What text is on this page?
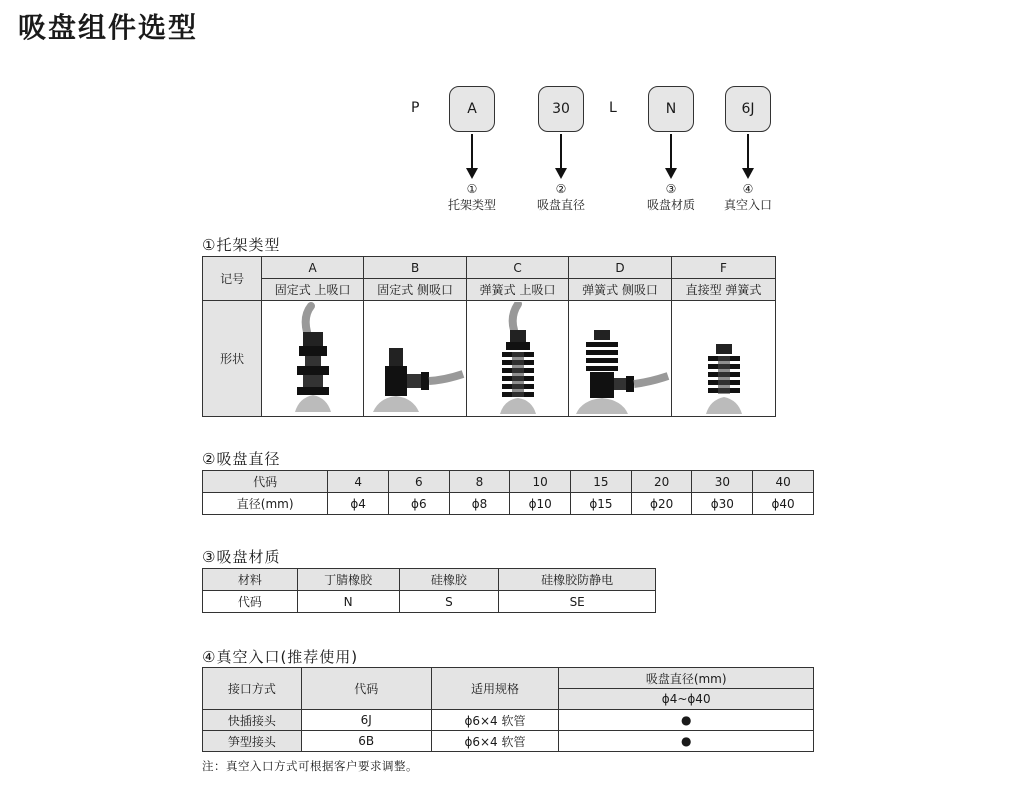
吸盘组件选型
P	L
A	30	N	6J
①
托架类型
②
吸盘直径
③
吸盘材质
④
真空入口
①托架类型
记号	A	B	C	D	F
	固定式 上吸口	固定式 侧吸口	弹簧式 上吸口	弹簧式 侧吸口	直接型 弹簧式
形状	

②吸盘直径
代码	4	6	8	10	15	20	30	40
直径(mm)	ϕ4	ϕ6	ϕ8	ϕ10	ϕ15	ϕ20	ϕ30	ϕ40
③吸盘材质
材料	丁腈橡胶	硅橡胶	硅橡胶防静电
代码	N	S	SE
④真空入口(推荐使用)
接口方式	代码	适用规格	吸盘直径(mm)
			ϕ4~ϕ40
快插接头	6J	ϕ6×4 软管	●
笋型接头	6B	ϕ6×4 软管	●
注：真空入口方式可根据客户要求调整。
